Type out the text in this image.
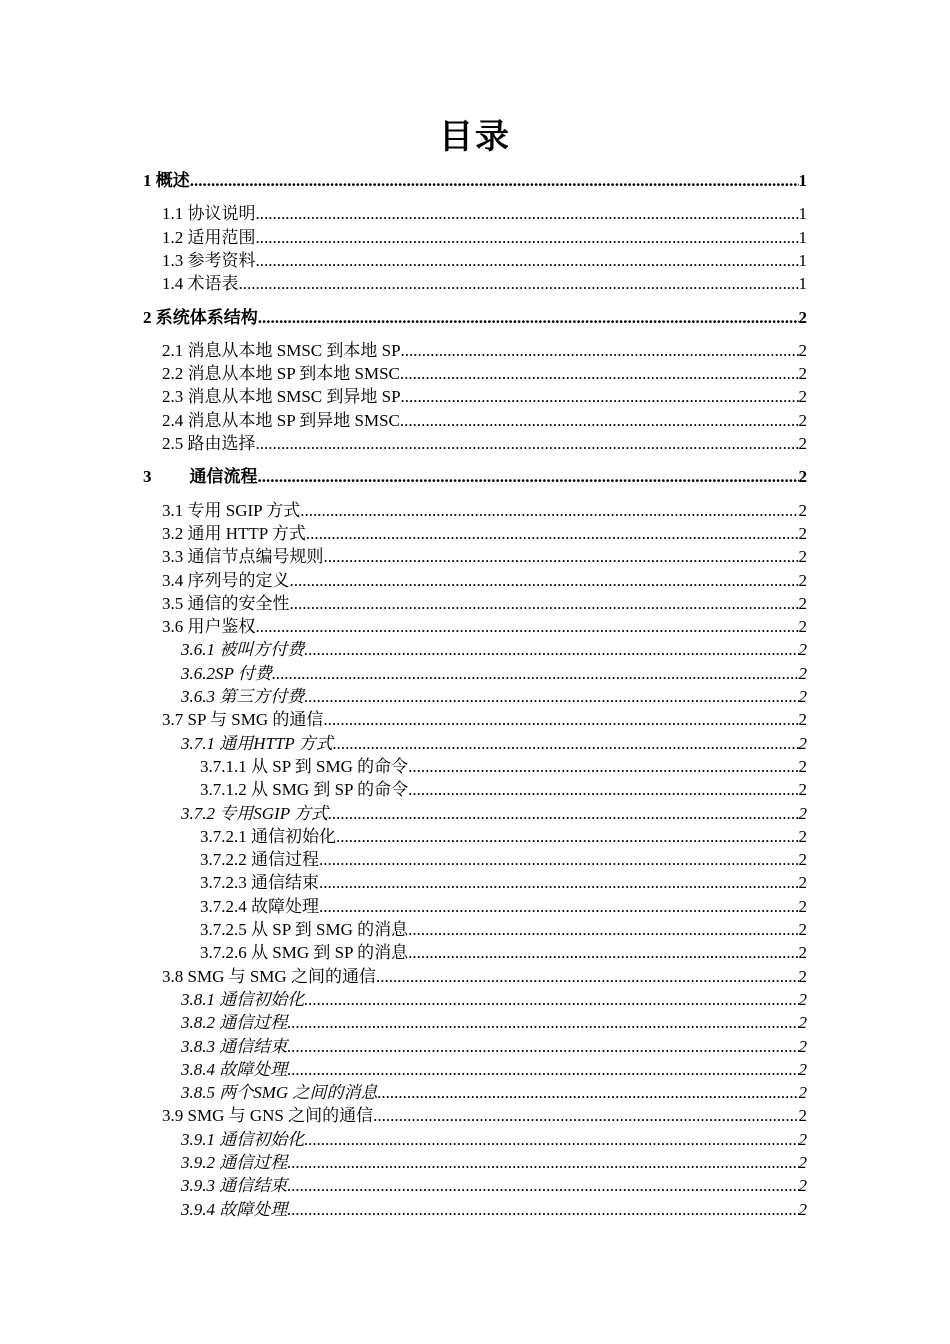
目录
1 概述 .....	1
1.1 协议说明 .....	1
1.2 适用范围 .....	1
1.3 参考资料 .....	1
1.4 术语表 .....	1
2 系统体系结构 .....	2
2.1 消息从本地 SMSC 到本地 SP .....	2
2.2 消息从本地 SP 到本地 SMSC .....	2
2.3 消息从本地 SMSC 到异地 SP .....	2
2.4 消息从本地 SP 到异地 SMSC .....	2
2.5 路由选择 .....	2
3 通信流程 .....	2
3.1 专用 SGIP 方式 .....	2
3.2 通用 HTTP 方式 .....	2
3.3 通信节点编号规则 .....	2
3.4 序列号的定义 .....	2
3.5 通信的安全性 .....	2
3.6 用户鉴权 .....	2
3.6.1 被叫方付费 .....	2
3.6.2SP 付费 .....	2
3.6.3 第三方付费 .....	2
3.7 SP 与 SMG 的通信 .....	2
3.7.1 通用HTTP 方式 .....	2
3.7.1.1 从 SP 到 SMG 的命令 .....	2
3.7.1.2 从 SMG 到 SP 的命令 .....	2
3.7.2 专用SGIP 方式 .....	2
3.7.2.1 通信初始化 .....	2
3.7.2.2 通信过程 .....	2
3.7.2.3 通信结束 .....	2
3.7.2.4 故障处理 .....	2
3.7.2.5 从 SP 到 SMG 的消息 .....	2
3.7.2.6 从 SMG 到 SP 的消息 .....	2
3.8 SMG 与 SMG 之间的通信 .....	2
3.8.1 通信初始化 .....	2
3.8.2 通信过程 .....	2
3.8.3 通信结束 .....	2
3.8.4 故障处理 .....	2
3.8.5 两个SMG 之间的消息 .....	2
3.9 SMG 与 GNS 之间的通信 .....	2
3.9.1 通信初始化 .....	2
3.9.2 通信过程 .....	2
3.9.3 通信结束 .....	2
3.9.4 故障处理 .....	2
